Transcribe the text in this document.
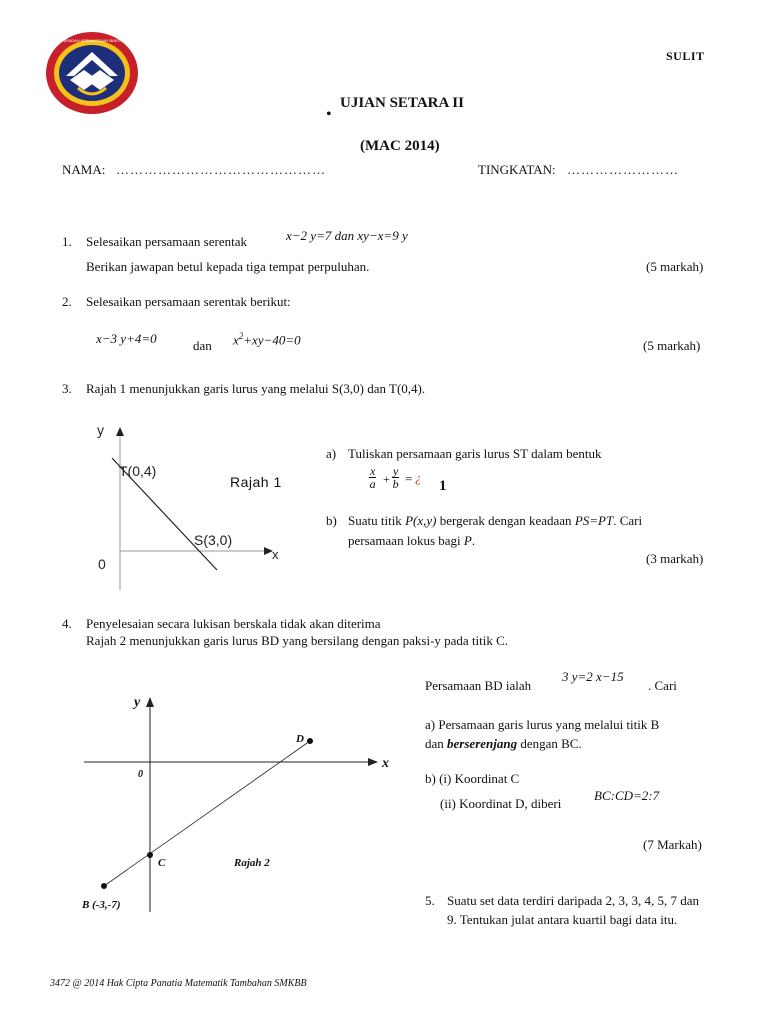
SEKOLAH MENENGAH KEBANGSAAN BUKIT BERUNTUNG
SULIT
•
UJIAN SETARA II
(MAC 2014)
NAMA: ………………………………………	TINGKATAN: ……………………
1. Selesaikan persamaan serentak	x−2 y=7 dan xy−x=9 y
Berikan jawapan betul kepada tiga tempat perpuluhan.	(5 markah)
2. Selesaikan persamaan serentak berikut:
x−3 y+4=0	dan $x^2+xy-40=0$	(5 markah)
3. Rajah 1 menunjukkan garis lurus yang melalui S(3,0) dan T(0,4).
y
x
0
T(0,4)
S(3,0)
Rajah 1
a) Tuliskan persamaan garis lurus ST dalam bentuk
$\frac{x}{a} + \frac{y}{b}$ = ¿
1
b) Suatu titik P(x,y) bergerak dengan keadaan PS=PT. Cari
persamaan lokus bagi P.
(3 markah)
4. Penyelesaian secara lukisan berskala tidak akan diterima
Rajah 2 menunjukkan garis lurus BD yang bersilang dengan paksi-y pada titik C.
y
x
0
D
C
B (-3,-7)
Rajah 2
Persamaan BD ialah
3 y=2 x−15
. Cari
a) Persamaan garis lurus yang melalui titik B
dan berserenjang dengan BC.
b) (i) Koordinat C
(ii) Koordinat D, diberi
BC:CD=2:7
(7 Markah)
5. Suatu set data terdiri daripada 2, 3, 3, 4, 5, 7 dan
9. Tentukan julat antara kuartil bagi data itu.
3472 @ 2014 Hak Cipta Panatia Matematik Tambahan SMKBB
